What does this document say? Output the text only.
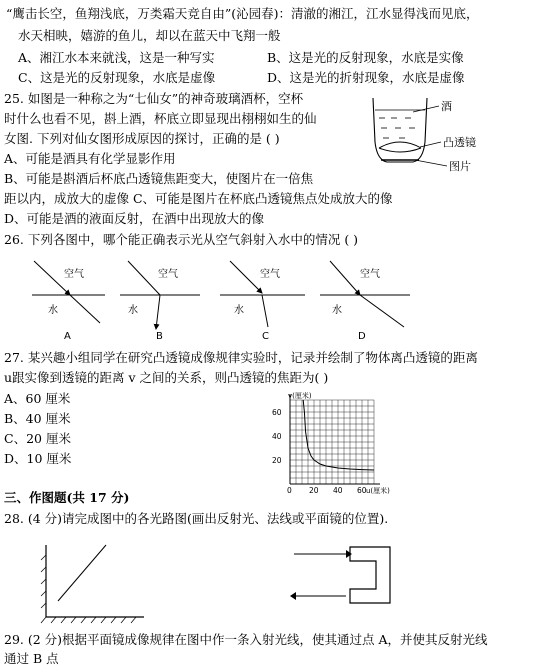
“鹰击长空，鱼翔浅底，万类霜天竞自由”(沁园春)：清澈的湘江，江水显得浅而见底，
水天相映，嬉游的鱼儿，却以在蓝天中飞翔一般
A、湘江水本来就浅，这是一种写实	B、这是光的反射现象，水底是实像
C、这是光的反射现象，水底是虚像	D、这是光的折射现象，水底是虚像
25. 如图是一种称之为“七仙女”的神奇玻璃酒杯，空杯
时什么也看不见，斟上酒，杯底立即显现出栩栩如生的仙
女图. 下列对仙女图形成原因的探讨，正确的是 ( )
A、可能是酒具有化学显影作用
B、可能是斟酒后杯底凸透镜焦距变大，使图片在一倍焦
距以内，成放大的虚像 C、可能是图片在杯底凸透镜焦点处成放大的像
D、可能是酒的液面反射，在酒中出现放大的像
酒
凸透镜
图片
26. 下列各图中，哪个能正确表示光从空气斜射入水中的情况 ( )
空气
水
A
空气
水
B
空气
水
C
空气
水
D
27. 某兴趣小组同学在研究凸透镜成像规律实验时，记录并绘制了物体离凸透镜的距离
u跟实像到透镜的距离 v 之间的关系，则凸透镜的焦距为( )
A、60 厘米
B、40 厘米
C、20 厘米
D、10 厘米
0 20 40 60
20
40
60
u(厘米)
v(厘米)
三、作图题(共 17 分)
28. (4 分)请完成图中的各光路图(画出反射光、法线或平面镜的位置).
29. (2 分)根据平面镜成像规律在图中作一条入射光线，使其通过点 A，并使其反射光线
通过 B 点
